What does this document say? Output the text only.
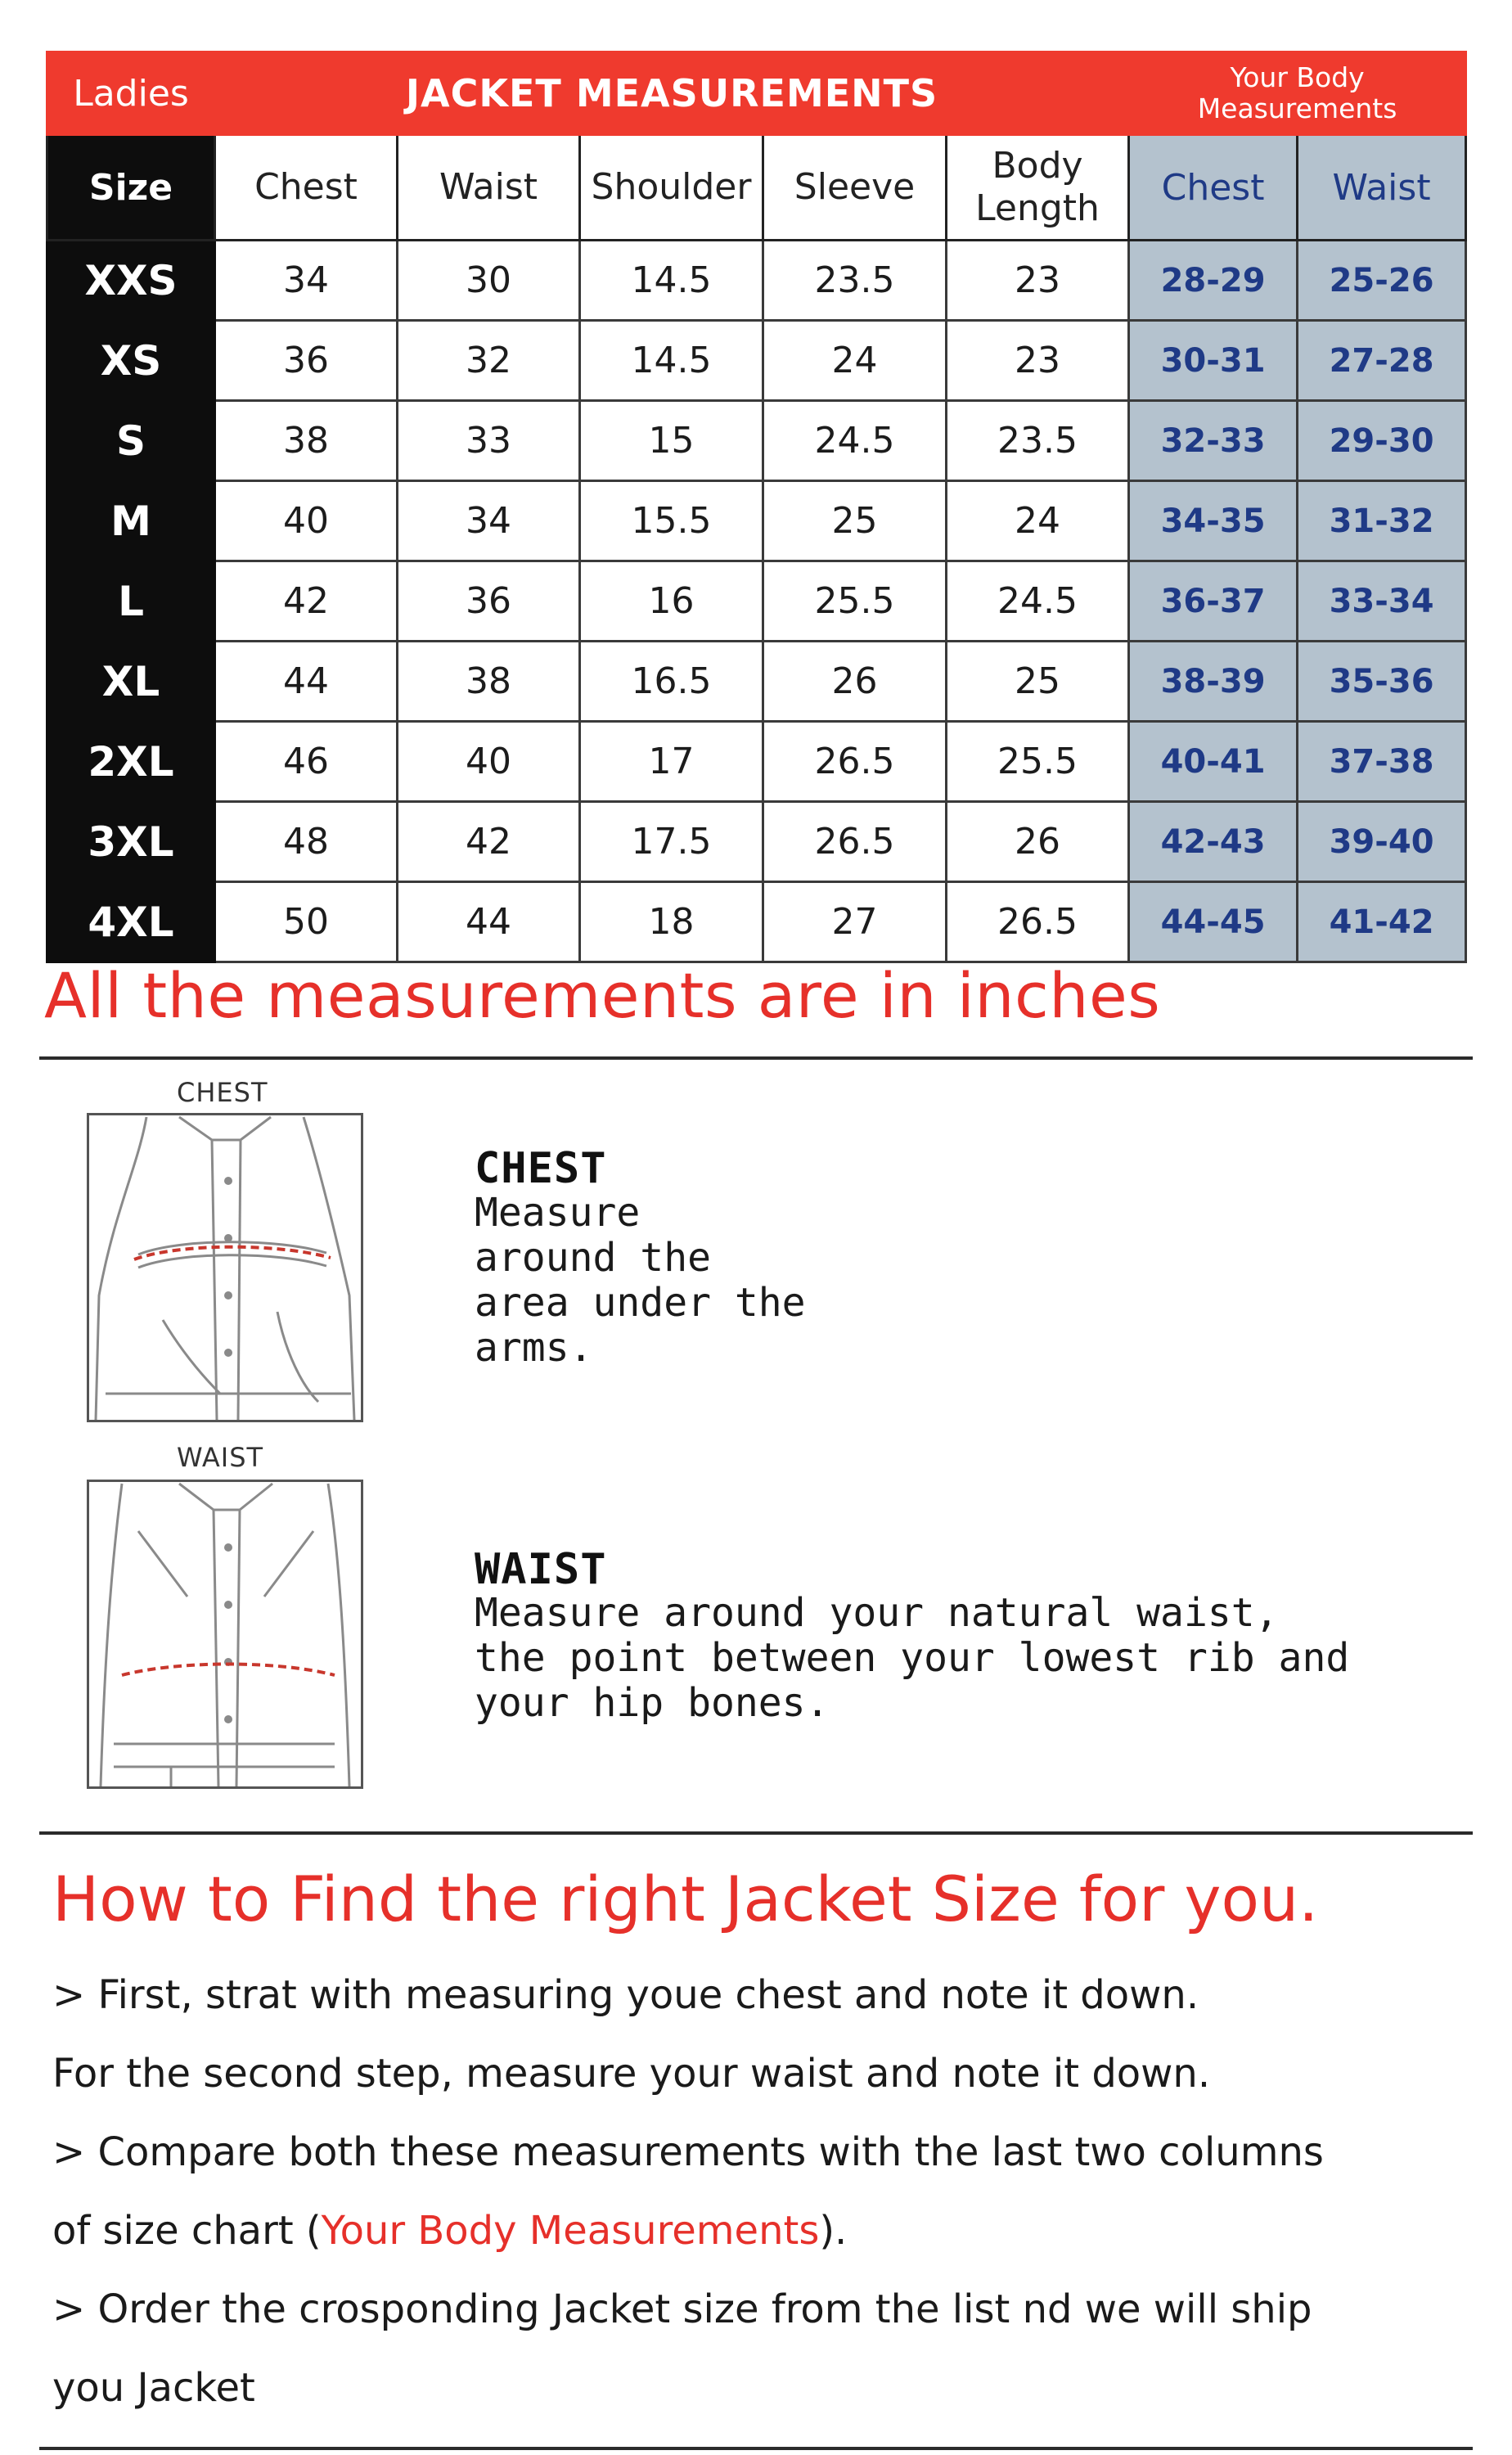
Ladies	JACKET MEASUREMENTS					Your Body
Measurements	

Size	Chest	Waist	Shoulder	Sleeve	Body
Length	Chest	Waist
XXS	34	30	14.5	23.5	23	28-29	25-26
XS	36	32	14.5	24	23	30-31	27-28
S	38	33	15	24.5	23.5	32-33	29-30
M	40	34	15.5	25	24	34-35	31-32
L	42	36	16	25.5	24.5	36-37	33-34
XL	44	38	16.5	26	25	38-39	35-36
2XL	46	40	17	26.5	25.5	40-41	37-38
3XL	48	42	17.5	26.5	26	42-43	39-40
4XL	50	44	18	27	26.5	44-45	41-42

All the measurements are in inches

CHEST
CHEST

Measure
around the
area under the
arms.

WAIST
WAIST

Measure around your natural waist,
the point between your lowest rib and
your hip bones.

How to Find the right Jacket Size for you.

> First, strat with measuring youe chest and note it down.

For the second step, measure your waist and note it down.

> Compare both these measurements with the last two columns

of size chart (Your Body Measurements).

> Order the crosponding Jacket size from the list nd we will ship

you Jacket
